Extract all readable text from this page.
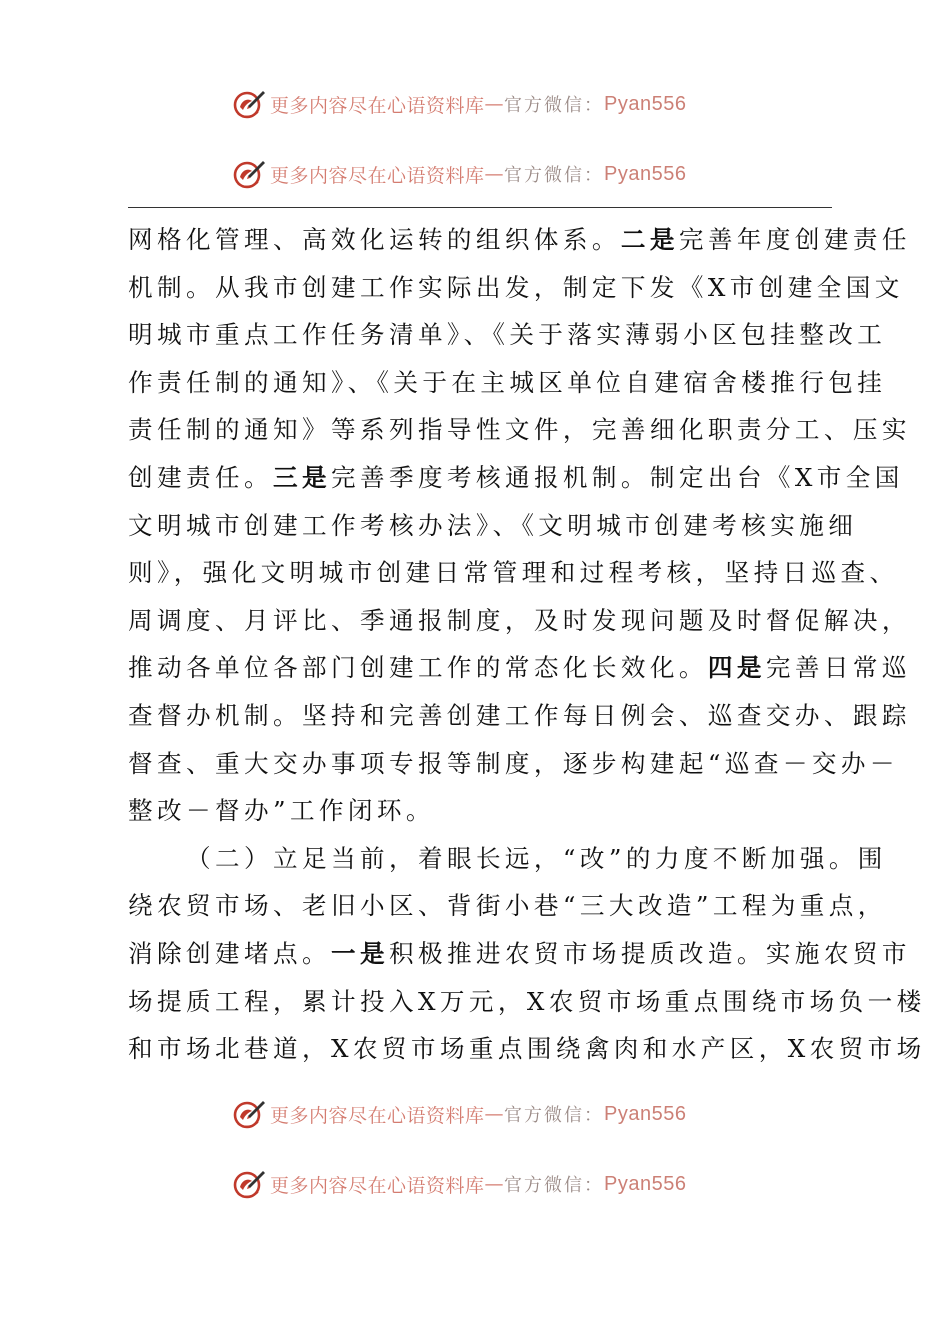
更多内容尽在心语资料库 — 官方微信： Pyan556
更多内容尽在心语资料库 — 官方微信： Pyan556
网格化管理、高效化运转的组织体系。二是完善年度创建责任
机制。从我市创建工作实际出发，制定下发《X市创建全国文
明城市重点工作任务清单》、《关于落实薄弱小区包挂整改工
作责任制的通知》、《关于在主城区单位自建宿舍楼推行包挂
责任制的通知》等系列指导性文件，完善细化职责分工、压实
创建责任。三是完善季度考核通报机制。制定出台《X市全国
文明城市创建工作考核办法》、《文明城市创建考核实施细
则》，强化文明城市创建日常管理和过程考核，坚持日巡查、
周调度、月评比、季通报制度，及时发现问题及时督促解决，
推动各单位各部门创建工作的常态化长效化。四是完善日常巡
查督办机制。坚持和完善创建工作每日例会、巡查交办、跟踪
督查、重大交办事项专报等制度，逐步构建起“巡查－交办－
整改－督办”工作闭环。
（二）立足当前，着眼长远，“改”的力度不断加强。围
绕农贸市场、老旧小区、背街小巷“三大改造”工程为重点，
消除创建堵点。一是积极推进农贸市场提质改造。实施农贸市
场提质工程，累计投入X万元，X农贸市场重点围绕市场负一楼
和市场北巷道，X农贸市场重点围绕禽肉和水产区，X农贸市场
更多内容尽在心语资料库 — 官方微信： Pyan556
更多内容尽在心语资料库 — 官方微信： Pyan556
